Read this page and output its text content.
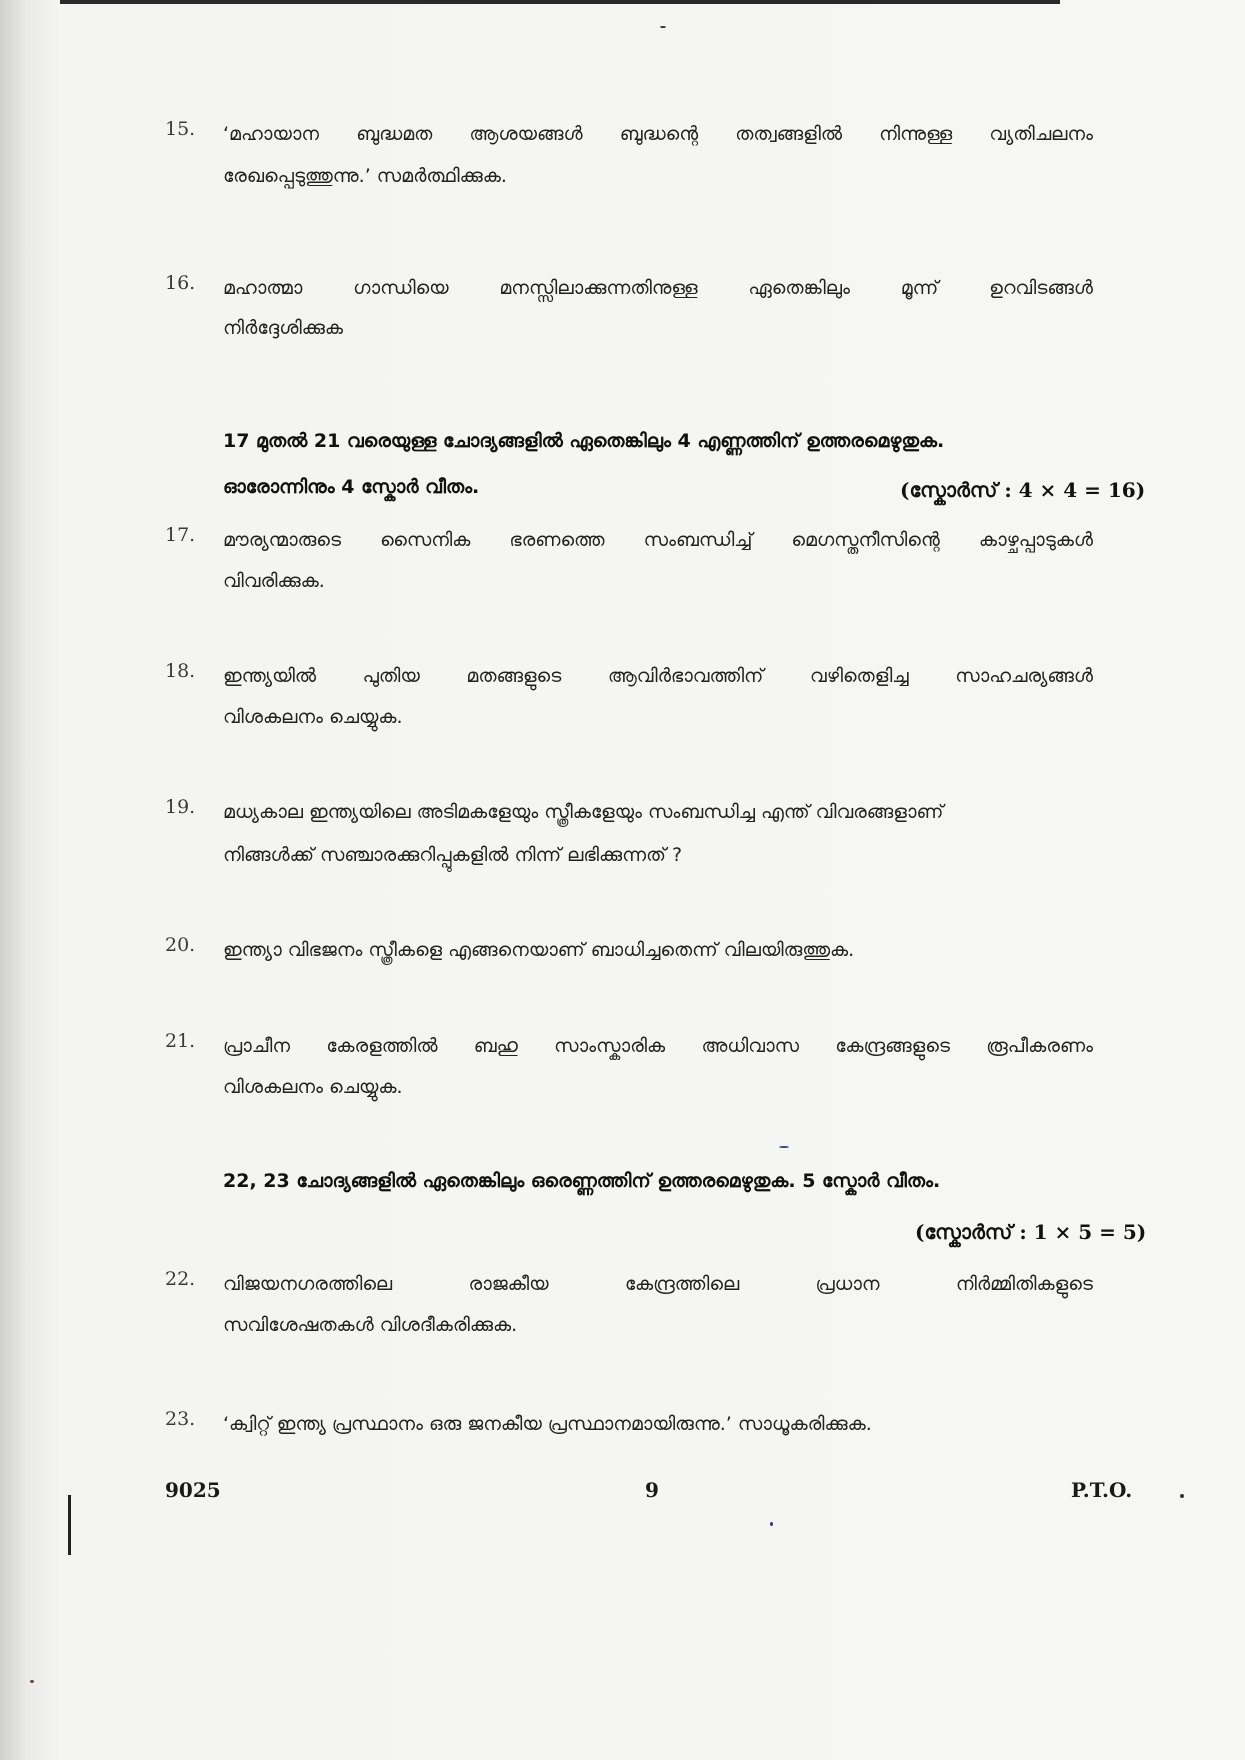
15. ‘മഹായാന ബുദ്ധമത ആശയങ്ങൾ ബുദ്ധന്റെ തത്വങ്ങളിൽ നിന്നുള്ള വ്യതിചലനം
രേഖപ്പെടുത്തുന്നു.’ സമർത്ഥിക്കുക.
16. മഹാത്മാ ഗാന്ധിയെ മനസ്സിലാക്കുന്നതിനുള്ള ഏതെങ്കിലും മൂന്ന് ഉറവിടങ്ങൾ
നിർദ്ദേശിക്കുക
17 മുതൽ 21 വരെയുള്ള ചോദ്യങ്ങളിൽ ഏതെങ്കിലും 4 എണ്ണത്തിന് ഉത്തരമെഴുതുക.
ഓരോന്നിനും 4 സ്കോർ വീതം.	(സ്കോർസ് : 4 × 4 = 16)
17. മൗര്യന്മാരുടെ സൈനിക ഭരണത്തെ സംബന്ധിച്ച് മെഗസ്തനീസിന്റെ കാഴ്ചപ്പാടുകൾ
വിവരിക്കുക.
18. ഇന്ത്യയിൽ പുതിയ മതങ്ങളുടെ ആവിർഭാവത്തിന് വഴിതെളിച്ച സാഹചര്യങ്ങൾ
വിശകലനം ചെയ്യുക.
19. മധ്യകാല ഇന്ത്യയിലെ അടിമകളേയും സ്ത്രീകളേയും സംബന്ധിച്ച എന്ത് വിവരങ്ങളാണ്
നിങ്ങൾക്ക് സഞ്ചാരക്കുറിപ്പുകളിൽ നിന്ന് ലഭിക്കുന്നത് ?
20. ഇന്ത്യാ വിഭജനം സ്ത്രീകളെ എങ്ങനെയാണ് ബാധിച്ചതെന്ന് വിലയിരുത്തുക.
21. പ്രാചീന കേരളത്തിൽ ബഹു സാംസ്കാരിക അധിവാസ കേന്ദ്രങ്ങളുടെ രൂപീകരണം
വിശകലനം ചെയ്യുക.
22, 23 ചോദ്യങ്ങളിൽ ഏതെങ്കിലും ഒരെണ്ണത്തിന് ഉത്തരമെഴുതുക. 5 സ്കോർ വീതം.
(സ്കോർസ് : 1 × 5 = 5)
22. വിജയനഗരത്തിലെ രാജകീയ കേന്ദ്രത്തിലെ പ്രധാന നിർമ്മിതികളുടെ
സവിശേഷതകൾ വിശദീകരിക്കുക.
23. ‘ക്വിറ്റ് ഇന്ത്യ പ്രസ്ഥാനം ഒരു ജനകീയ പ്രസ്ഥാനമായിരുന്നു.’ സാധൂകരിക്കുക.
9025	9	P.T.O.
